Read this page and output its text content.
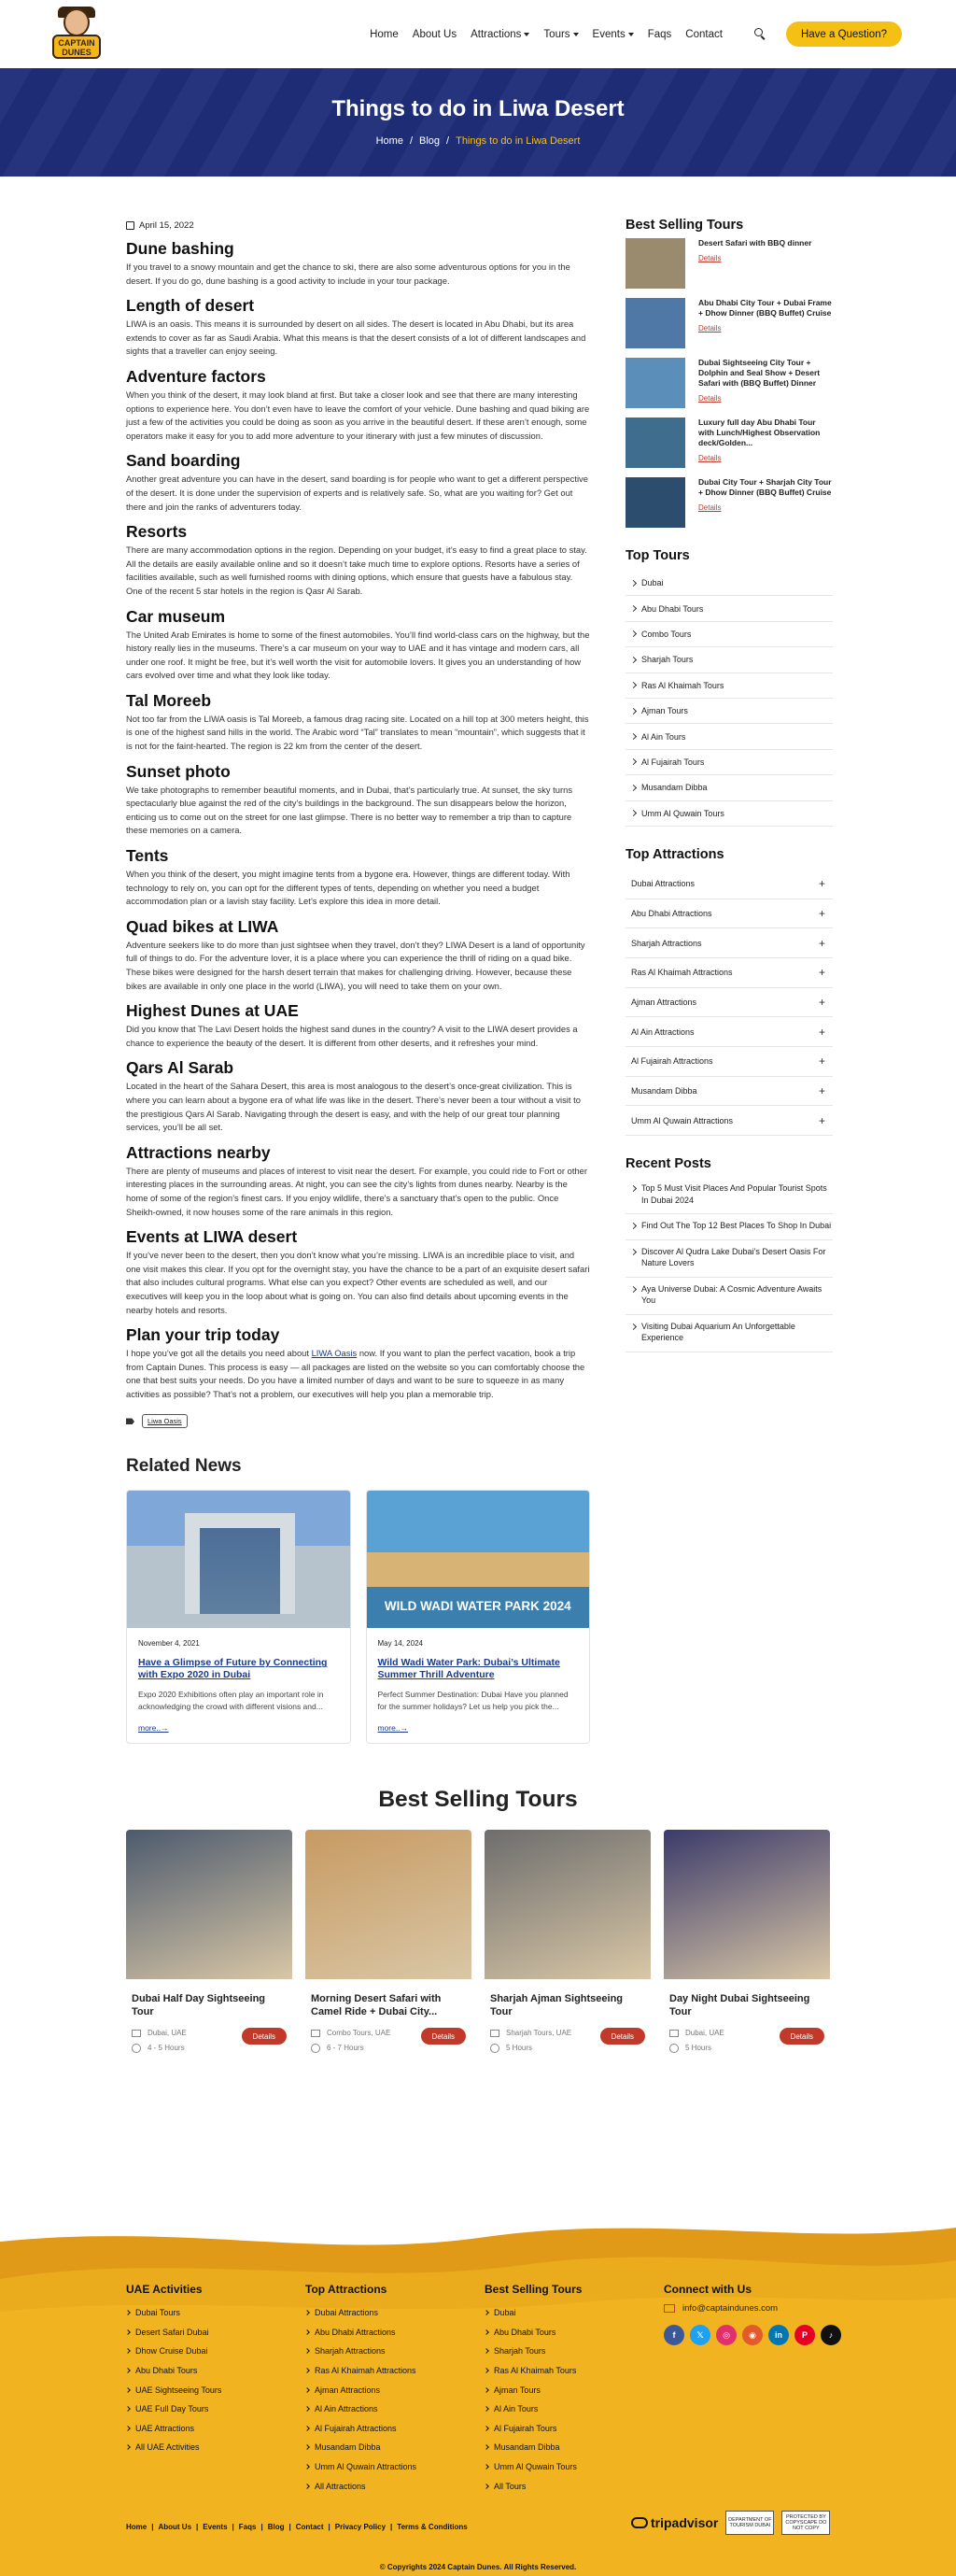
CAPTAIN DUNES
Home About Us Attractions Tours Events Faqs Contact	Have a Question?
Things to do in Liwa Desert
Home / Blog / Things to do in Liwa Desert
April 15, 2022
Dune bashing

If you travel to a snowy mountain and get the chance to ski, there are also some adventurous options for you in the desert. If you do go, dune bashing is a good activity to include in your tour package.

Length of desert

LIWA is an oasis. This means it is surrounded by desert on all sides. The desert is located in Abu Dhabi, but its area extends to cover as far as Saudi Arabia. What this means is that the desert consists of a lot of different landscapes and sights that a traveller can enjoy seeing.

Adventure factors

When you think of the desert, it may look bland at first. But take a closer look and see that there are many interesting options to experience here. You don’t even have to leave the comfort of your vehicle. Dune bashing and quad biking are just a few of the activities you could be doing as soon as you arrive in the beautiful desert. If these aren’t enough, some operators make it easy for you to add more adventure to your itinerary with just a few minutes of discussion.

Sand boarding

Another great adventure you can have in the desert, sand boarding is for people who want to get a different perspective of the desert. It is done under the supervision of experts and is relatively safe. So, what are you waiting for? Get out there and join the ranks of adventurers today.

Resorts

There are many accommodation options in the region. Depending on your budget, it’s easy to find a great place to stay. All the details are easily available online and so it doesn’t take much time to explore options. Resorts have a series of facilities available, such as well furnished rooms with dining options, which ensure that guests have a fabulous stay. One of the recent 5 star hotels in the region is Qasr Al Sarab.

Car museum

The United Arab Emirates is home to some of the finest automobiles. You’ll find world-class cars on the highway, but the history really lies in the museums. There’s a car museum on your way to UAE and it has vintage and modern cars, all under one roof. It might be free, but it’s well worth the visit for automobile lovers. It gives you an understanding of how cars evolved over time and what they look like today.

Tal Moreeb

Not too far from the LIWA oasis is Tal Moreeb, a famous drag racing site. Located on a hill top at 300 meters height, this is one of the highest sand hills in the world. The Arabic word “Tal” translates to mean “mountain”, which suggests that it is not for the faint-hearted. The region is 22 km from the center of the desert.

Sunset photo

We take photographs to remember beautiful moments, and in Dubai, that’s particularly true. At sunset, the sky turns spectacularly blue against the red of the city’s buildings in the background. The sun disappears below the horizon, enticing us to come out on the street for one last glimpse. There is no better way to remember a trip than to capture these memories on a camera.

Tents

When you think of the desert, you might imagine tents from a bygone era. However, things are different today. With technology to rely on, you can opt for the different types of tents, depending on whether you need a budget accommodation plan or a lavish stay facility. Let’s explore this idea in more detail.

Quad bikes at LIWA

Adventure seekers like to do more than just sightsee when they travel, don’t they? LIWA Desert is a land of opportunity full of things to do. For the adventure lover, it is a place where you can experience the thrill of riding on a quad bike. These bikes were designed for the harsh desert terrain that makes for challenging driving. However, because these bikes are available in only one place in the world (LIWA), you will need to take them on your own.

Highest Dunes at UAE

Did you know that The Lavi Desert holds the highest sand dunes in the country? A visit to the LIWA desert provides a chance to experience the beauty of the desert. It is different from other deserts, and it refreshes your mind.

Qars Al Sarab

Located in the heart of the Sahara Desert, this area is most analogous to the desert’s once-great civilization. This is where you can learn about a bygone era of what life was like in the desert. There’s never been a tour without a visit to the prestigious Qars Al Sarab. Navigating through the desert is easy, and with the help of our great tour planning services, you’ll be all set.

Attractions nearby

There are plenty of museums and places of interest to visit near the desert. For example, you could ride to Fort or other interesting places in the surrounding areas. At night, you can see the city’s lights from dunes nearby. Nearby is the home of some of the region’s finest cars. If you enjoy wildlife, there’s a sanctuary that’s open to the public. Once Sheikh-owned, it now houses some of the rare animals in this region.

Events at LIWA desert

If you’ve never been to the desert, then you don’t know what you’re missing. LIWA is an incredible place to visit, and one visit makes this clear. If you opt for the overnight stay, you have the chance to be a part of an exquisite desert safari that also includes cultural programs. What else can you expect? Other events are scheduled as well, and our executives will keep you in the loop about what is going on. You can also find details about upcoming events in the nearby hotels and resorts.

Plan your trip today

I hope you’ve got all the details you need about LIWA Oasis now. If you want to plan the perfect vacation, book a trip from Captain Dunes. This process is easy — all packages are listed on the website so you can comfortably choose the one that best suits your needs. Do you have a limited number of days and want to be sure to squeeze in as many activities as possible? That’s not a problem, our executives will help you plan a memorable trip.

Liwa Oasis
Related News
November 4, 2021
Have a Glimpse of Future by Connecting with Expo 2020 in Dubai
Expo 2020 Exhibitions often play an important role in acknowledging the crowd with different visions and...
more..→
WILD WADI WATER PARK 2024
May 14, 2024
Wild Wadi Water Park: Dubai’s Ultimate Summer Thrill Adventure
Perfect Summer Destination: Dubai Have you planned for the summer holidays? Let us help you pick the...
more..→
Best Selling Tours
Desert Safari with BBQ dinner
Details
Abu Dhabi City Tour + Dubai Frame + Dhow Dinner (BBQ Buffet) Cruise
Details
Dubai Sightseeing City Tour + Dolphin and Seal Show + Desert Safari with (BBQ Buffet) Dinner
Details
Luxury full day Abu Dhabi Tour with Lunch/Highest Observation deck/Golden...
Details
Dubai City Tour + Sharjah City Tour + Dhow Dinner (BBQ Buffet) Cruise
Details
Top Tours
Dubai
Abu Dhabi Tours
Combo Tours
Sharjah Tours
Ras Al Khaimah Tours
Ajman Tours
Al Ain Tours
Al Fujairah Tours
Musandam Dibba
Umm Al Quwain Tours
Top Attractions
Dubai Attractions	+
Abu Dhabi Attractions	+
Sharjah Attractions	+
Ras Al Khaimah Attractions	+
Ajman Attractions	+
Al Ain Attractions	+
Al Fujairah Attractions	+
Musandam Dibba	+
Umm Al Quwain Attractions	+
Recent Posts
Top 5 Must Visit Places And Popular Tourist Spots In Dubai 2024
Find Out The Top 12 Best Places To Shop In Dubai
Discover Al Qudra Lake Dubai’s Desert Oasis For Nature Lovers
Aya Universe Dubai: A Cosmic Adventure Awaits You
Visiting Dubai Aquarium An Unforgettable Experience
Best Selling Tours
Dubai Half Day Sightseeing Tour
Dubai, UAE
4 - 5 Hours
Details
Morning Desert Safari with Camel Ride + Dubai City...
Combo Tours, UAE
6 - 7 Hours
Details
Sharjah Ajman Sightseeing Tour
Sharjah Tours, UAE
5 Hours
Details
Day Night Dubai Sightseeing Tour
Dubai, UAE
5 Hours
Details
UAE Activities
Dubai Tours
Desert Safari Dubai
Dhow Cruise Dubai
Abu Dhabi Tours
UAE Sightseeing Tours
UAE Full Day Tours
UAE Attractions
All UAE Activities
Top Attractions
Dubai Attractions
Abu Dhabi Attractions
Sharjah Attractions
Ras Al Khaimah Attractions
Ajman Attractions
Al Ain Attractions
Al Fujairah Attractions
Musandam Dibba
Umm Al Quwain Attractions
All Attractions
Best Selling Tours
Dubai
Abu Dhabi Tours
Sharjah Tours
Ras Al Khaimah Tours
Ajman Tours
Al Ain Tours
Al Fujairah Tours
Musandam Dibba
Umm Al Quwain Tours
All Tours
Connect with Us
info@captaindunes.com
f	𝕏	◎	◉	in	P	♪
Home | About Us | Events | Faqs | Blog | Contact | Privacy Policy | Terms & Conditions	tripadvisor	DEPARTMENT OF TOURISM DUBAI
PROTECTED BY COPYSCAPE DO NOT COPY
© Copyrights 2024 Captain Dunes. All Rights Reserved.
